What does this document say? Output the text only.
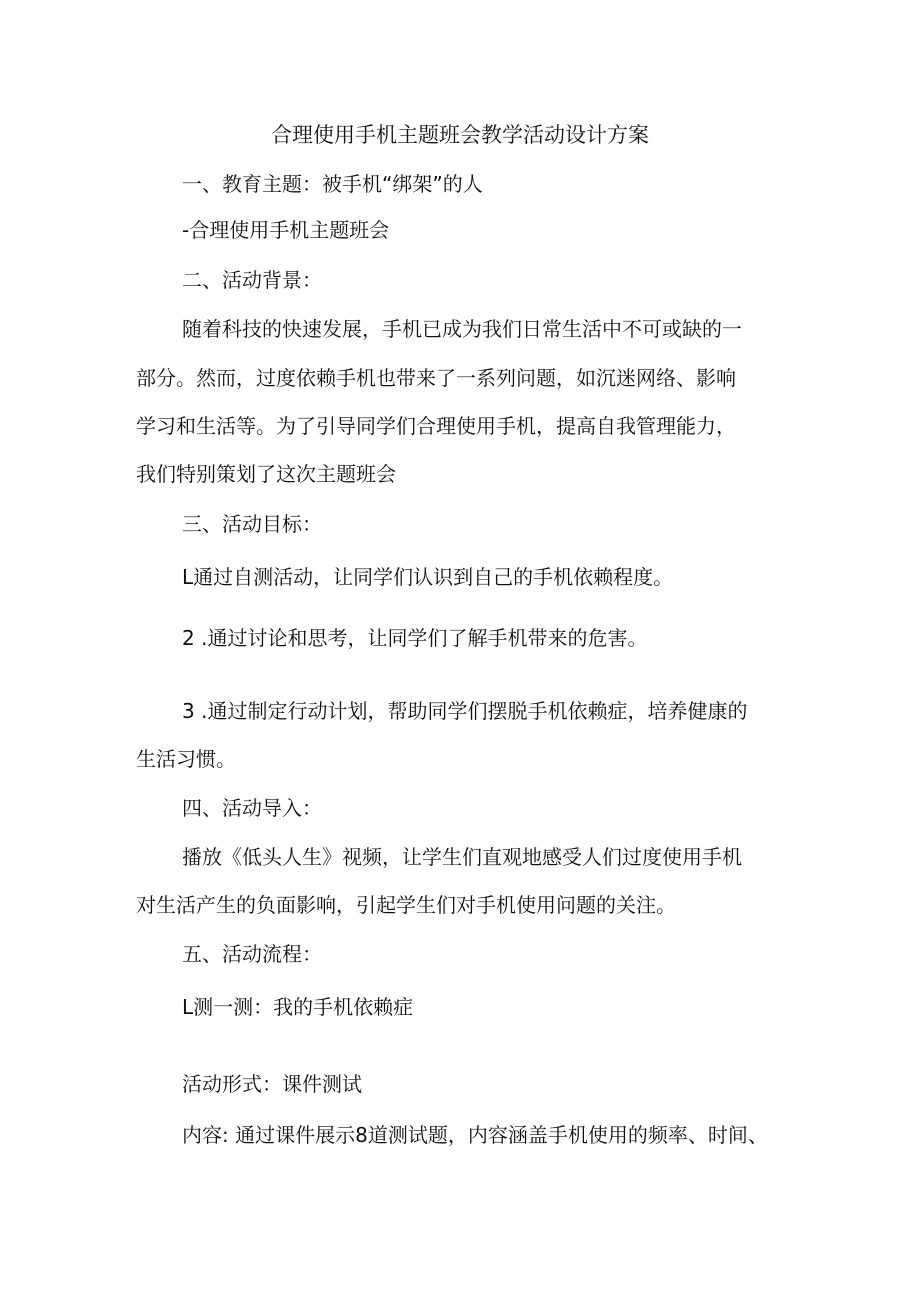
合理使用手机主题班会教学活动设计方案
一、教育主题：被手机“绑架”的人
-合理使用手机主题班会
二、活动背景：
随着科技的快速发展，手机已成为我们日常生活中不可或缺的一
部分。然而，过度依赖手机也带来了一系列问题，如沉迷网络、影响
学习和生活等。为了引导同学们合理使用手机，提高自我管理能力，
我们特别策划了这次主题班会
三、活动目标：
L通过自测活动，让同学们认识到自己的手机依赖程度。
2 .通过讨论和思考，让同学们了解手机带来的危害。
3 .通过制定行动计划，帮助同学们摆脱手机依赖症，培养健康的
生活习惯。
四、活动导入：
播放《低头人生》视频，让学生们直观地感受人们过度使用手机
对生活产生的负面影响，引起学生们对手机使用问题的关注。
五、活动流程：
L测一测：我的手机依赖症
活动形式：课件测试
内容: 通过课件展示8道测试题，内容涵盖手机使用的频率、时间、
